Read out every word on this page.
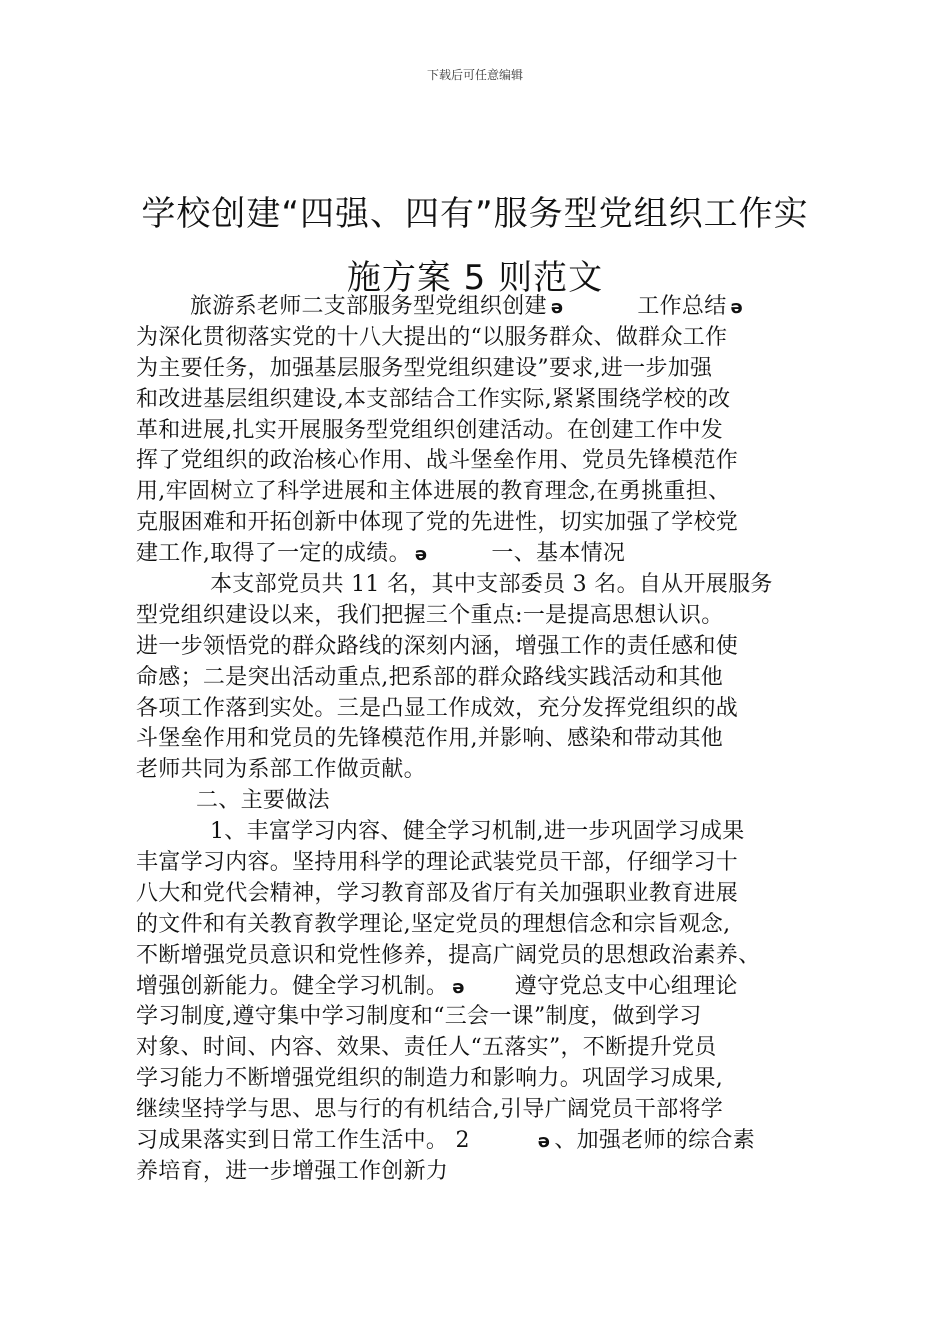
下载后可任意编辑
学校创建“四强、四有”服务型党组织工作实
施方案 5 则范文
旅游系老师二支部服务型党组织创建 ə	工作总结 ə
为深化贯彻落实党的十八大提出的“以服务群众、做群众工作
为主要任务，加强基层服务型党组织建设”要求,进一步加强
和改进基层组织建设,本支部结合工作实际,紧紧围绕学校的改
革和进展,扎实开展服务型党组织创建活动。在创建工作中发
挥了党组织的政治核心作用、战斗堡垒作用、党员先锋模范作
用,牢固树立了科学进展和主体进展的教育理念,在勇挑重担、
克服困难和开拓创新中体现了党的先进性，切实加强了学校党
建工作,取得了一定的成绩。 ə	一、基本情况
本支部党员共 11 名，其中支部委员 3 名。自从开展服务
型党组织建设以来，我们把握三个重点:一是提高思想认识。
进一步领悟党的群众路线的深刻内涵，增强工作的责任感和使
命感；二是突出活动重点,把系部的群众路线实践活动和其他
各项工作落到实处。三是凸显工作成效，充分发挥党组织的战
斗堡垒作用和党员的先锋模范作用,并影响、感染和带动其他
老师共同为系部工作做贡献。
二、主要做法
1、丰富学习内容、健全学习机制,进一步巩固学习成果
丰富学习内容。坚持用科学的理论武装党员干部，仔细学习十
八大和党代会精神，学习教育部及省厅有关加强职业教育进展
的文件和有关教育教学理论,坚定党员的理想信念和宗旨观念,
不断增强党员意识和党性修养，提高广阔党员的思想政治素养、
增强创新能力。健全学习机制。 ə 遵守党总支中心组理论
学习制度,遵守集中学习制度和“三会一课”制度，做到学习
对象、时间、内容、效果、责任人“五落实”，不断提升党员
学习能力不断增强党组织的制造力和影响力。巩固学习成果,
继续坚持学与思、思与行的有机结合,引导广阔党员干部将学
习成果落实到日常工作生活中。 2	ə 、加强老师的综合素
养培育，进一步增强工作创新力
